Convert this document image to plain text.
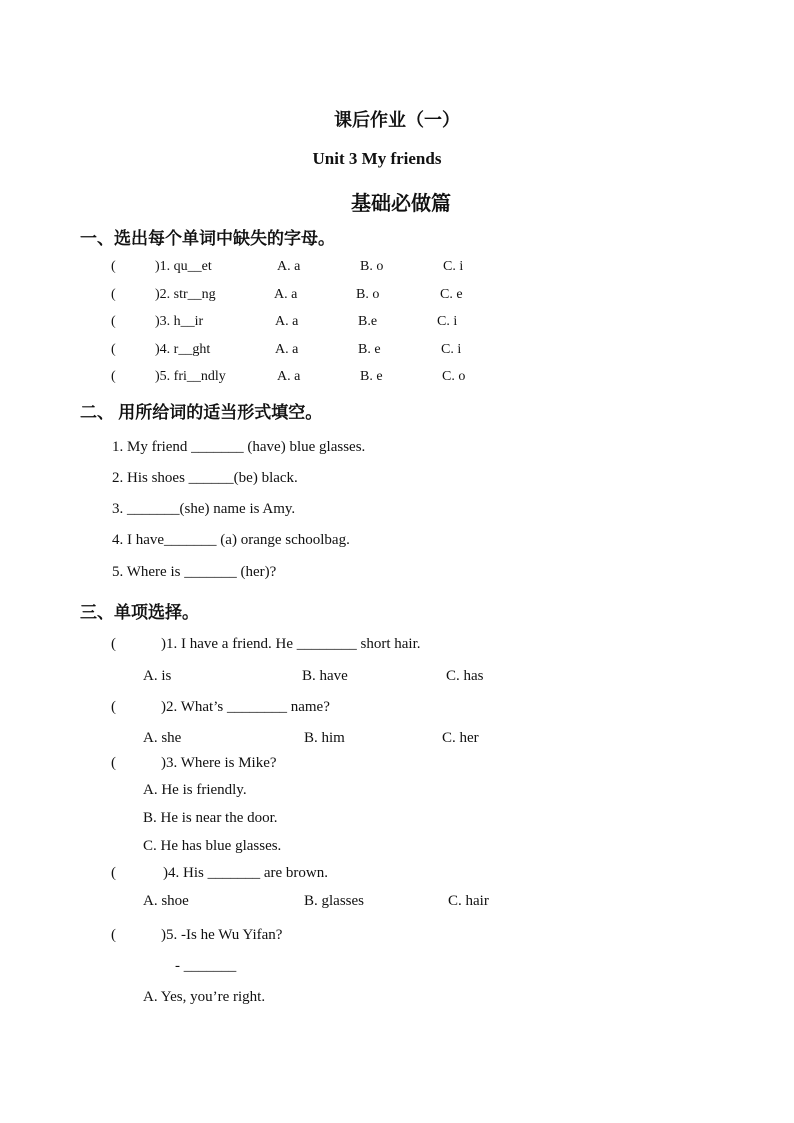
课后作业（一）
Unit 3 My friends
基础必做篇
一、选出每个单词中缺失的字母。
(	)1. qu__et	A. a	B. o	C. i
(	)2. str__ng	A. a	B. o	C. e
(	)3. h__ir	A. a	B.e	C. i
(	)4. r__ght	A. a	B. e	C. i
(	)5. fri__ndly	A. a	B. e	C. o
二、 用所给词的适当形式填空。
1. My friend _______ (have) blue glasses.
2. His shoes ______(be) black.
3. _______(she) name is Amy.
4. I have_______ (a) orange schoolbag.
5. Where is _______ (her)?
三、单项选择。
(	)1. I have a friend. He ________ short hair.
A. is	B. have	C. has
(	)2. What’s ________ name?
A. she	B. him	C. her
(	)3. Where is Mike?
A. He is friendly.
B. He is near the door.
C. He has blue glasses.
(	)4. His _______ are brown.
A. shoe	B. glasses	C. hair
(	)5. -Is he Wu Yifan?
- _______
A. Yes, you’re right.
